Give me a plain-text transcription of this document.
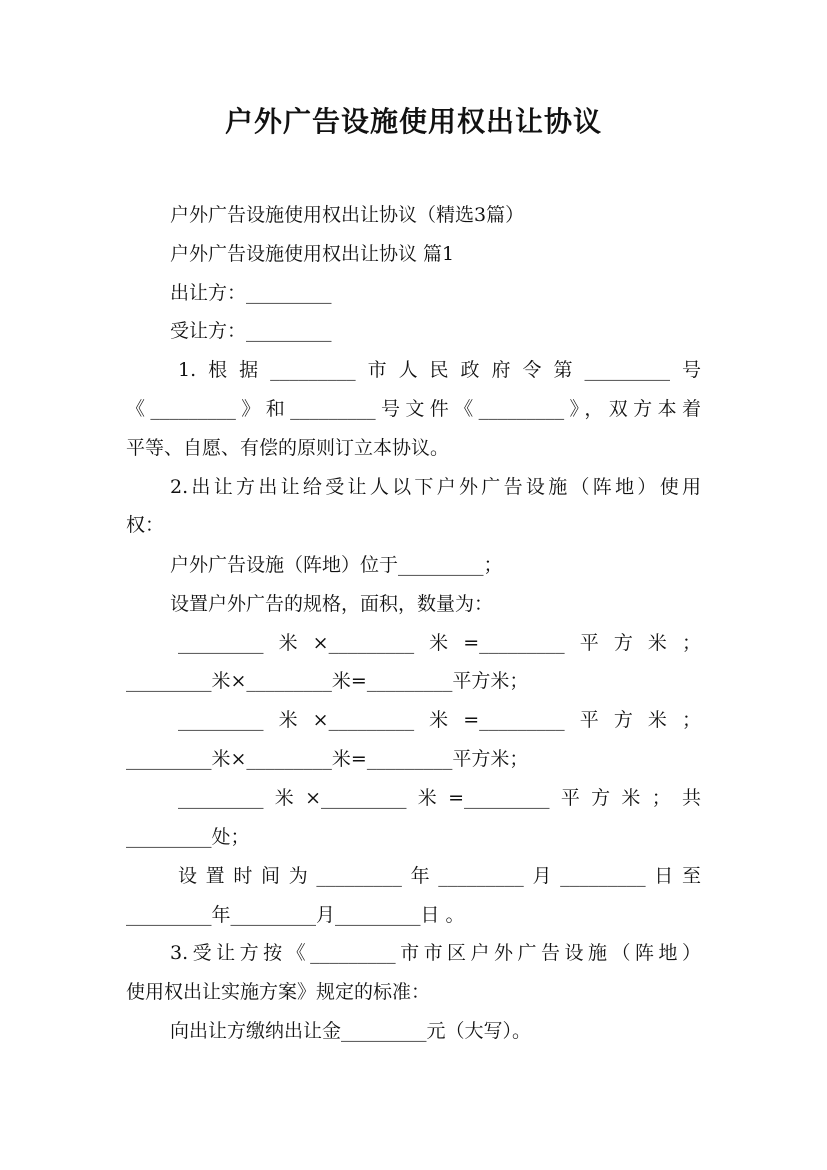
户外广告设施使用权出让协议
户外广告设施使用权出让协议（精选3篇）
户外广告设施使用权出让协议 篇1
出让方：_________
受让方：_________
1.根据_________市人民政府令第_________号
《_________》和_________号文件《_________》，双方本着
平等、自愿、有偿的原则订立本协议。
2.出让方出让给受让人以下户外广告设施（阵地）使用
权：
户外广告设施（阵地）位于_________；
设置户外广告的规格，面积，数量为：
_________米×_________米=_________平方米；
_________米×_________米=_________平方米；
_________米×_________米=_________平方米；
_________米×_________米=_________平方米；
_________米×_________米=_________平方米；共
_________处；
设置时间为_________年_________月_________日至
_________年_________月_________日 。
3.受让方按《_________市市区户外广告设施（阵地）
使用权出让实施方案》规定的标准：
向出让方缴纳出让金_________元（大写）。
